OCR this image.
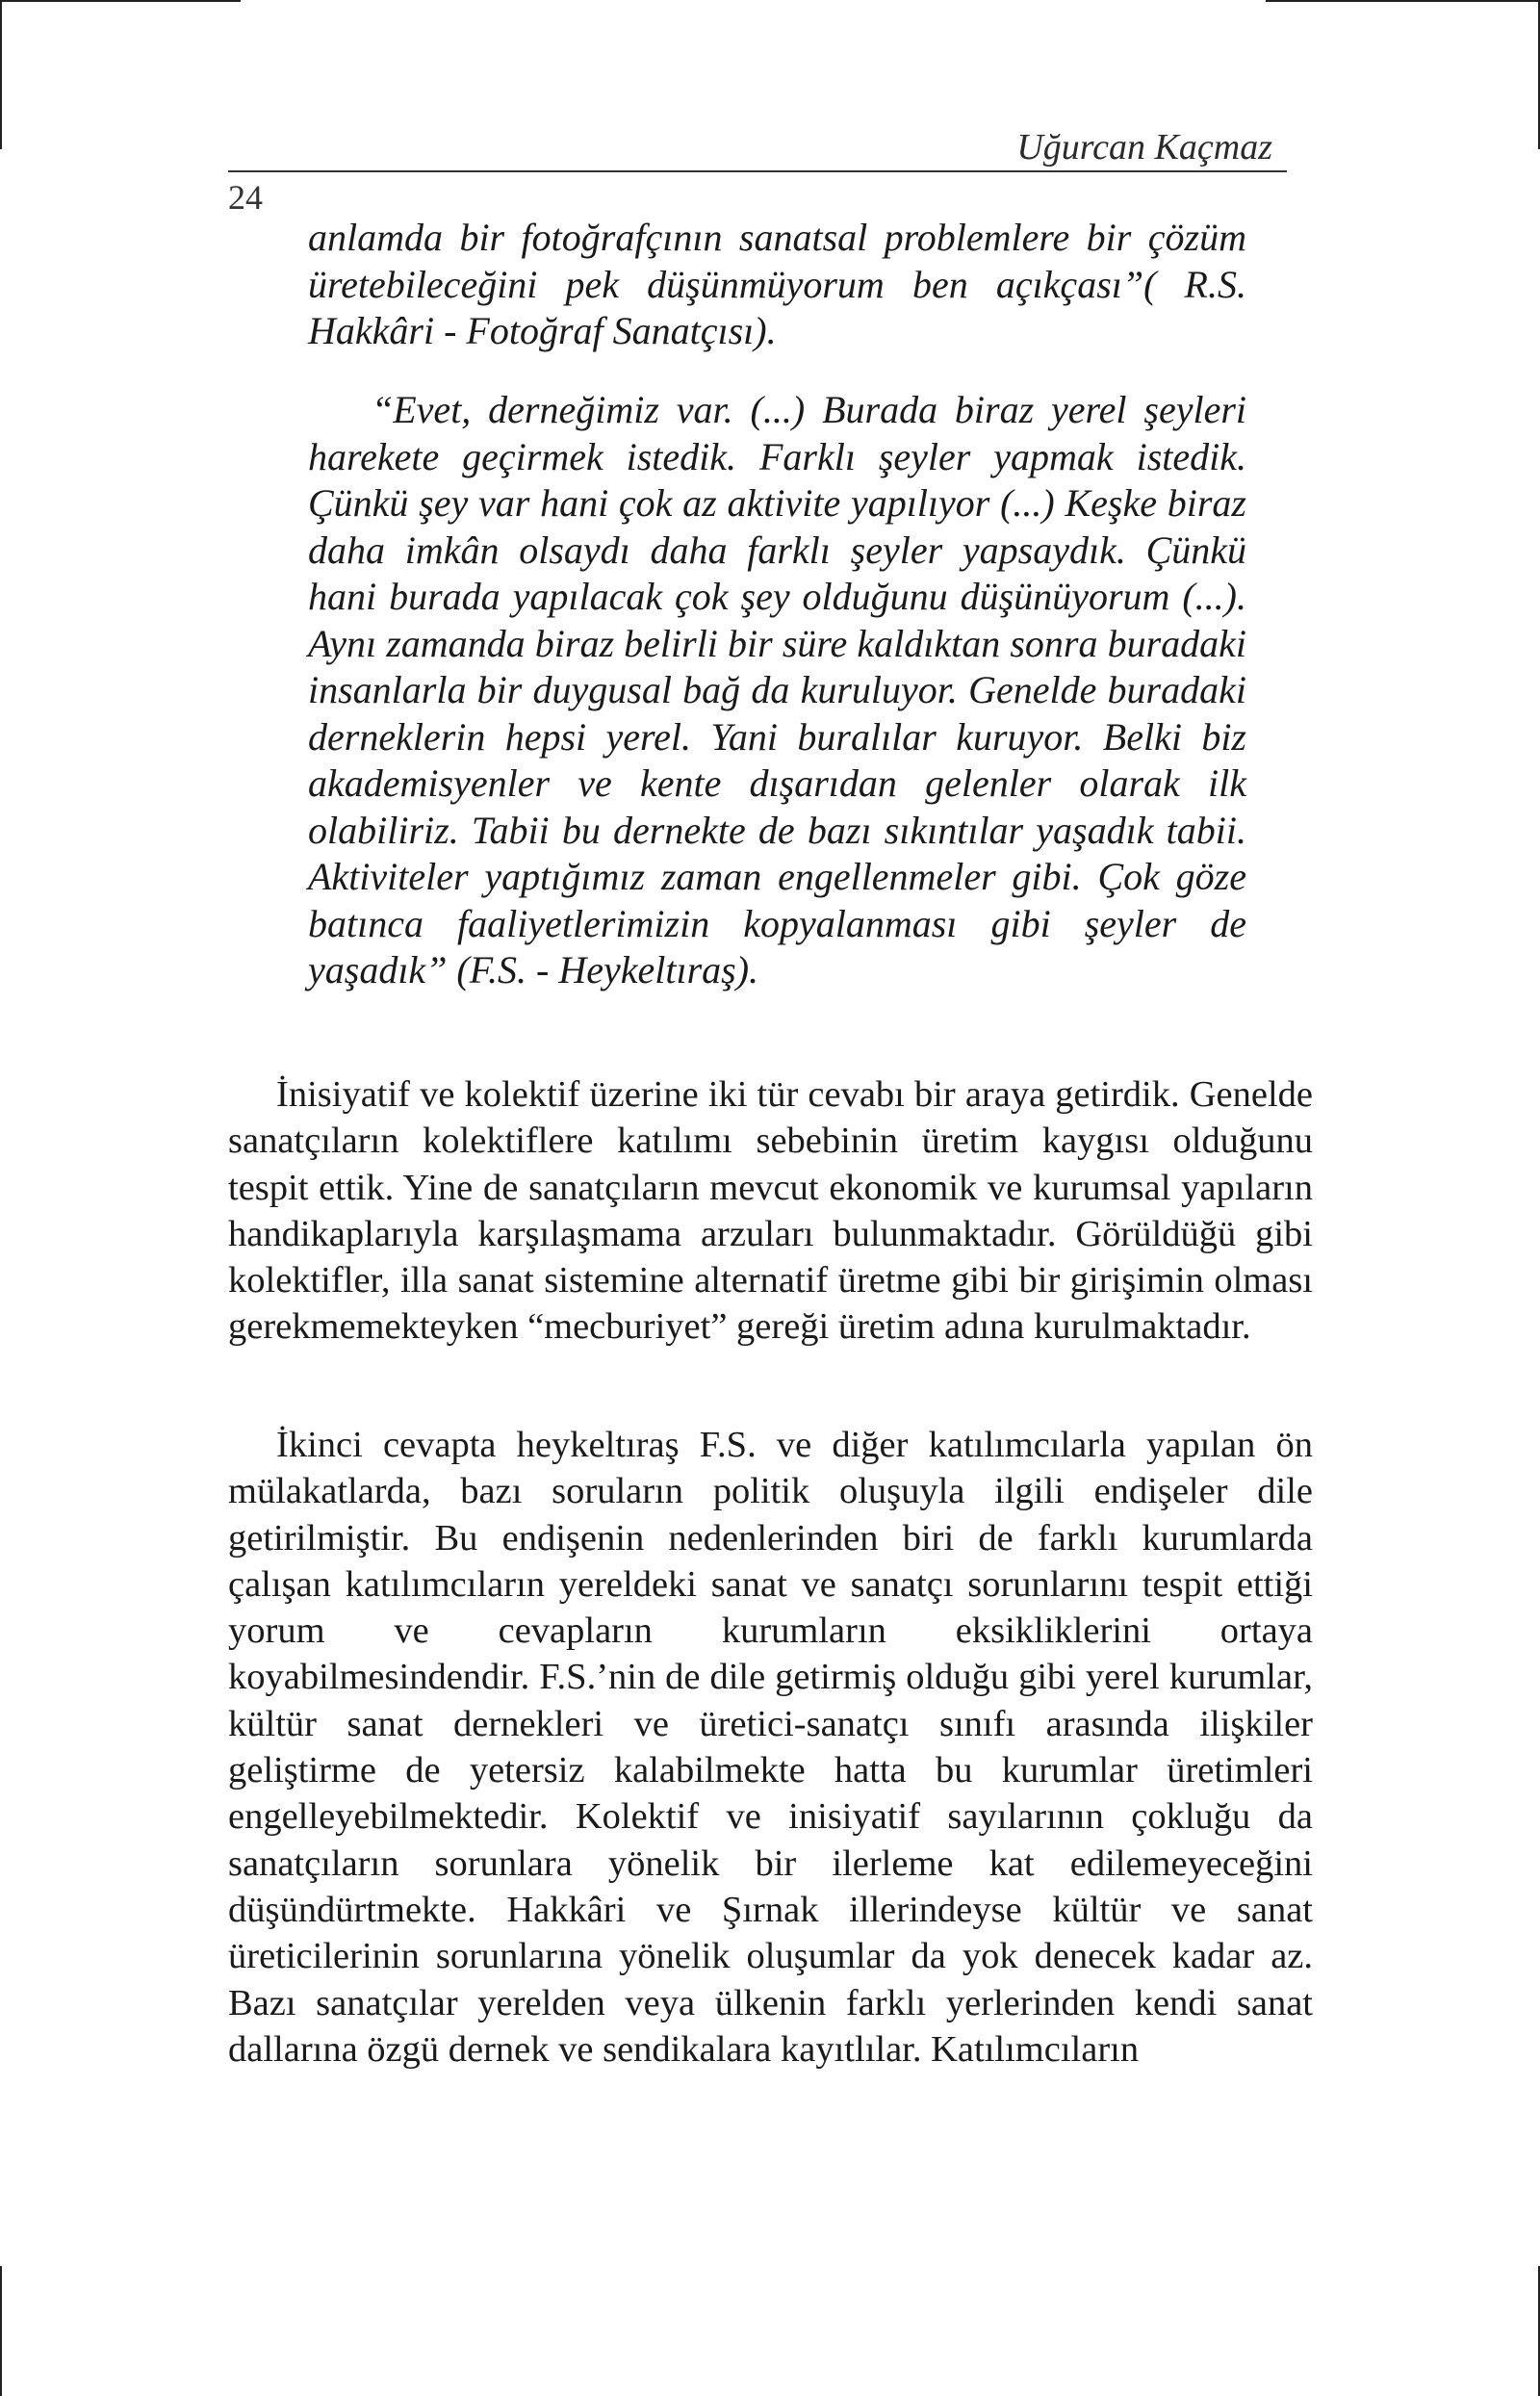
Uğurcan Kaçmaz
24

anlamda bir fotoğrafçının sanatsal problemlere bir çözüm üretebileceğini pek düşünmüyorum ben açıkçası”( R.S. Hakkâri - Fotoğraf Sanatçısı).

“Evet, derneğimiz var. (...) Burada biraz yerel şeyleri harekete geçirmek istedik. Farklı şeyler yapmak istedik. Çünkü şey var hani çok az aktivite yapılıyor (...) Keşke biraz daha imkân olsaydı daha farklı şeyler yapsaydık. Çünkü hani burada yapılacak çok şey olduğunu düşünüyorum (...). Aynı zamanda biraz belirli bir süre kaldıktan sonra buradaki insanlarla bir duygusal bağ da kuruluyor. Genelde buradaki derneklerin hepsi yerel. Yani buralılar kuruyor. Belki biz akademisyenler ve kente dışarıdan gelenler olarak ilk olabiliriz. Tabii bu dernekte de bazı sıkıntılar yaşadık tabii. Aktiviteler yaptığımız zaman engellenmeler gibi. Çok göze batınca faaliyetlerimizin kopyalanması gibi şeyler de yaşadık” (F.S. - Heykeltıraş).

İnisiyatif ve kolektif üzerine iki tür cevabı bir araya getirdik. Genelde sanatçıların kolektiflere katılımı sebebinin üretim kaygısı olduğunu tespit ettik. Yine de sanatçıların mevcut ekonomik ve kurumsal yapıların handikaplarıyla karşılaşmama arzuları bulunmaktadır. Görüldüğü gibi kolektifler, illa sanat sistemine alternatif üretme gibi bir girişimin olması gerekmemekteyken “mecburiyet” gereği üretim adına kurulmaktadır.

İkinci cevapta heykeltıraş F.S. ve diğer katılımcılarla yapılan ön mülakatlarda, bazı soruların politik oluşuyla ilgili endişeler dile getirilmiştir. Bu endişenin nedenlerinden biri de farklı kurumlarda çalışan katılımcıların yereldeki sanat ve sanatçı sorunlarını tespit ettiği yorum ve cevapların kurumların eksikliklerini ortaya koyabilmesindendir. F.S.’nin de dile getirmiş olduğu gibi yerel kurumlar, kültür sanat dernekleri ve üretici-sanatçı sınıfı arasında ilişkiler geliştirme de yetersiz kalabilmekte hatta bu kurumlar üretimleri engelleyebilmektedir. Kolektif ve inisiyatif sayılarının çokluğu da sanatçıların sorunlara yönelik bir ilerleme kat edilemeyeceğini düşündürtmekte. Hakkâri ve Şırnak illerindeyse kültür ve sanat üreticilerinin sorunlarına yönelik oluşumlar da yok denecek kadar az. Bazı sanatçılar yerelden veya ülkenin farklı yerlerinden kendi sanat dallarına özgü dernek ve sendikalara kayıtlılar. Katılımcıların
